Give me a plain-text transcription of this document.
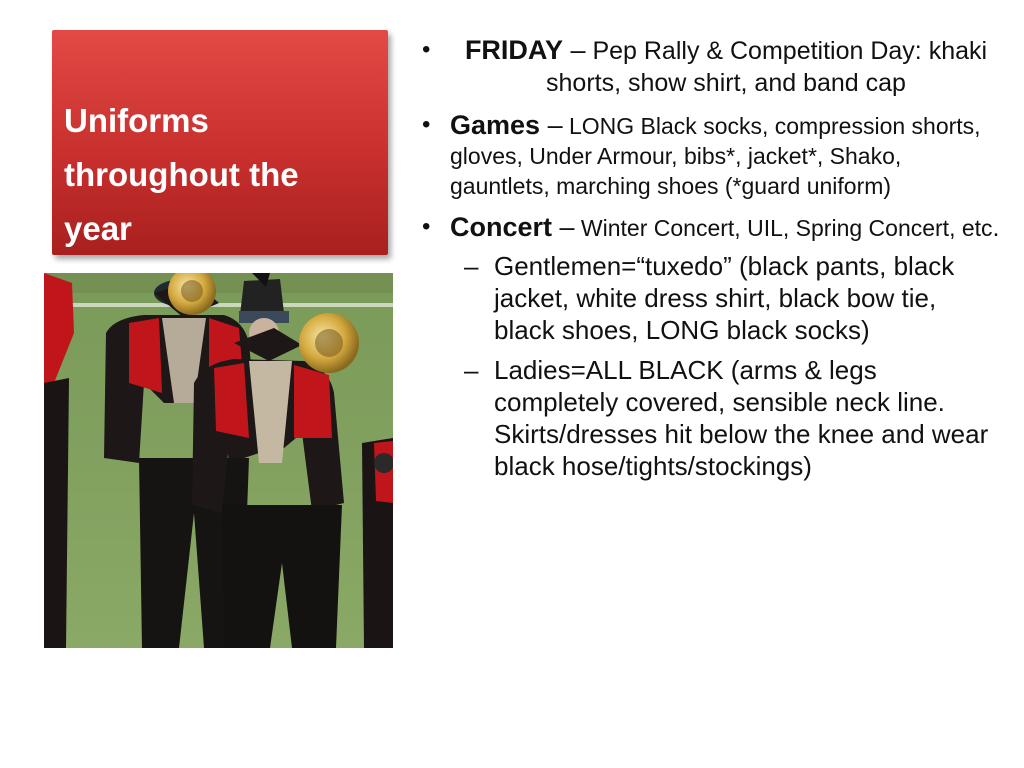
Uniforms
throughout the
year

•	FRIDAY – Pep Rally & Competition Day: khaki shorts, show shirt, and band cap
• Games – LONG Black socks, compression shorts, gloves, Under Armour, bibs*, jacket*, Shako, gauntlets, marching shoes (*guard uniform)
• Concert – Winter Concert, UIL, Spring Concert, etc.
– Gentlemen=“tuxedo” (black pants, black jacket, white dress shirt, black bow tie, black shoes, LONG black socks)
– Ladies=ALL BLACK (arms & legs completely covered, sensible neck line. Skirts/dresses hit below the knee and wear black hose/tights/stockings)
